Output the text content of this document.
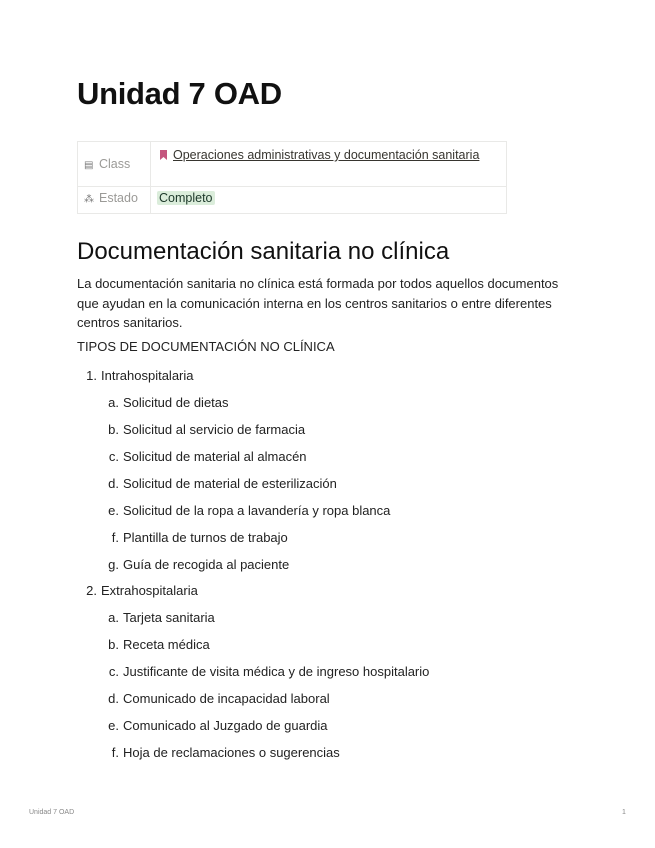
Unidad 7 OAD
▤ Class	Operaciones administrativas y documentación sanitaria
⁂ Estado	Completo
Documentación sanitaria no clínica

La documentación sanitaria no clínica está formada por todos aquellos documentos que ayudan en la comunicación interna en los centros sanitarios o entre diferentes centros sanitarios.

TIPOS DE DOCUMENTACIÓN NO CLÍNICA

1. Intrahospitalaria
a. Solicitud de dietas
b. Solicitud al servicio de farmacia
c. Solicitud de material al almacén
d. Solicitud de material de esterilización
e. Solicitud de la ropa a lavandería y ropa blanca
f. Plantilla de turnos de trabajo
g. Guía de recogida al paciente
2. Extrahospitalaria
a. Tarjeta sanitaria
b. Receta médica
c. Justificante de visita médica y de ingreso hospitalario
d. Comunicado de incapacidad laboral
e. Comunicado al Juzgado de guardia
f. Hoja de reclamaciones o sugerencias
Unidad 7 OAD	1
